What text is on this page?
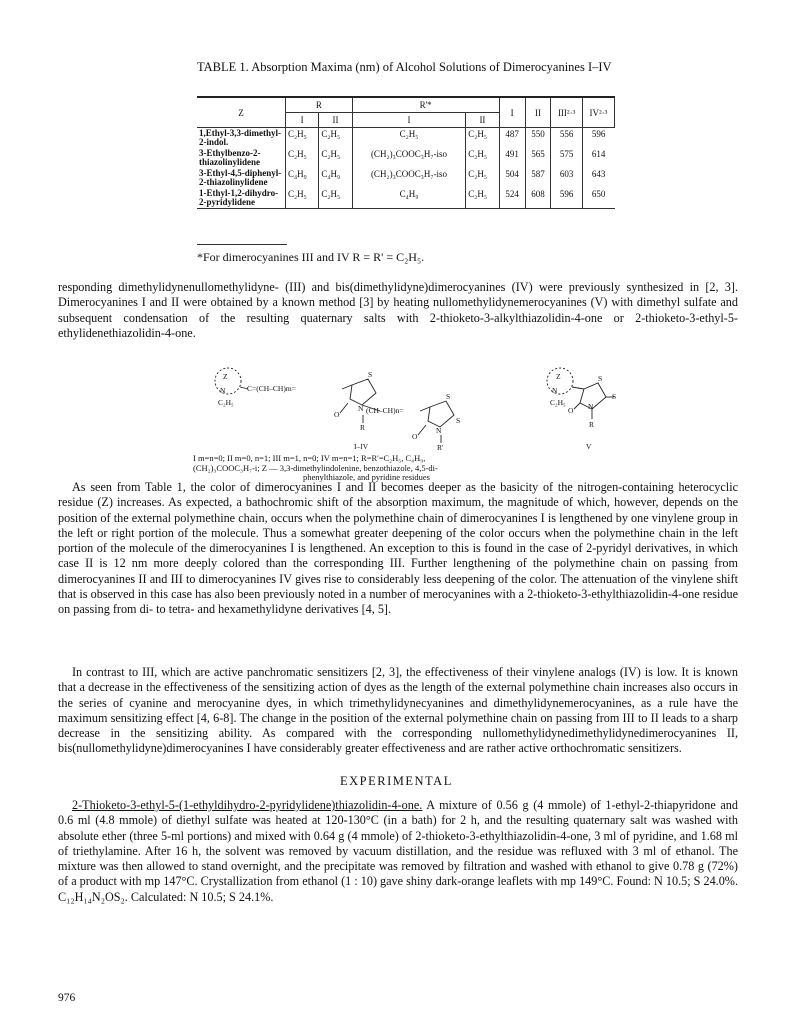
TABLE 1. Absorption Maxima (nm) of Alcohol Solutions of Dimerocyanines I–IV

Z	R		R'*		I	II	III²·³	IV²·³
	I	II	I	II				
1,Ethyl-3,3-dimethyl-2-indol.	C₂H₅	C₂H₅	C₂H₅	C₂H₅	487	550	556	596
3-Ethylbenzo-2-thiazolinylidene	C₂H₅	C₂H₅	(CH₂)₃COOC₃H₇-iso	C₂H₅	491	565	575	614
3-Ethyl-4,5-diphenyl-2-thiazolinylidene	C₄H₉	C₄H₉	(CH₂)₃COOC₃H₇-iso	C₂H₅	504	587	603	643
1-Ethyl-1,2-dihydro-2-pyridylidene	C₂H₅	C₂H₅	C₄H₉	C₂H₅	524	608	596	650

*For dimerocyanines III and IV R = R' = C₂H₅.

responding dimethylidynenullomethylidyne- (III) and bis(dimethylidyne)dimerocyanines (IV) were previously synthesized in [2, 3]. Dimerocyanines I and II were obtained by a known method [3] by heating nullomethylidynemerocyanines (V) with dimethyl sulfate and subsequent condensation of the resulting quaternary salts with 2-thioketo-3-alkylthiazolidin-4-one or 2-thioketo-3-ethyl-5-ethylidenethiazolidin-4-one.

Z
N	C=(CH–CH)m=
C₂H₅
S
O
N (CH–CH)n=
R
S
O
N
S
R'
Z
N
C₂H₅
S
O N
S
R
I–IV	V
I m=n=0; II m=0, n=1; III m=1, n=0; IV m=n=1; R=R'=C₂H₅, C₄H₉,
(CH₂)₃COOC₃H₇-i; Z — 3,3-dimethylindolenine, benzothiazole, 4,5-di-
phenylthiazole, and pyridine residues

As seen from Table 1, the color of dimerocyanines I and II becomes deeper as the basicity of the nitrogen-containing heterocyclic residue (Z) increases. As expected, a bathochromic shift of the absorption maximum, the magnitude of which, however, depends on the position of the external polymethine chain, occurs when the polymethine chain of dimerocyanines I is lengthened by one vinylene group in the left or right portion of the molecule. Thus a somewhat greater deepening of the color occurs when the polymethine chain in the left portion of the molecule of the dimerocyanines I is lengthened. An exception to this is found in the case of 2-pyridyl derivatives, in which case II is 12 nm more deeply colored than the corresponding III. Further lengthening of the polymethine chain on passing from dimerocyanines II and III to dimerocyanines IV gives rise to considerably less deepening of the color. The attenuation of the vinylene shift that is observed in this case has also been previously noted in a number of merocyanines with a 2-thioketo-3-ethylthiazolidin-4-one residue on passing from di- to tetra- and hexamethylidyne derivatives [4, 5].

In contrast to III, which are active panchromatic sensitizers [2, 3], the effectiveness of their vinylene analogs (IV) is low. It is known that a decrease in the effectiveness of the sensitizing action of dyes as the length of the external polymethine chain increases also occurs in the series of cyanine and merocyanine dyes, in which trimethylidynecyanines and dimethylidynemerocyanines, as a rule have the maximum sensitizing effect [4, 6-8]. The change in the position of the external polymethine chain on passing from III to II leads to a sharp decrease in the sensitizing ability. As compared with the corresponding nullomethylidynedimethylidynedimerocyanines II, bis(nullomethylidyne)dimerocyanines I have considerably greater effectiveness and are rather active orthochromatic sensitizers.

EXPERIMENTAL

2-Thioketo-3-ethyl-5-(1-ethyldihydro-2-pyridylidene)thiazolidin-4-one. A mixture of 0.56 g (4 mmole) of 1-ethyl-2-thiapyridone and 0.6 ml (4.8 mmole) of diethyl sulfate was heated at 120-130°C (in a bath) for 2 h, and the resulting quaternary salt was washed with absolute ether (three 5-ml portions) and mixed with 0.64 g (4 mmole) of 2-thioketo-3-ethylthiazolidin-4-one, 3 ml of pyridine, and 1.68 ml of triethylamine. After 16 h, the solvent was removed by vacuum distillation, and the residue was refluxed with 3 ml of ethanol. The mixture was then allowed to stand overnight, and the precipitate was removed by filtration and washed with ethanol to give 0.78 g (72%) of a product with mp 147°C. Crystallization from ethanol (1 : 10) gave shiny dark-orange leaflets with mp 149°C. Found: N 10.5; S 24.0%. C₁₂H₁₄N₂OS₂. Calculated: N 10.5; S 24.1%.

976
